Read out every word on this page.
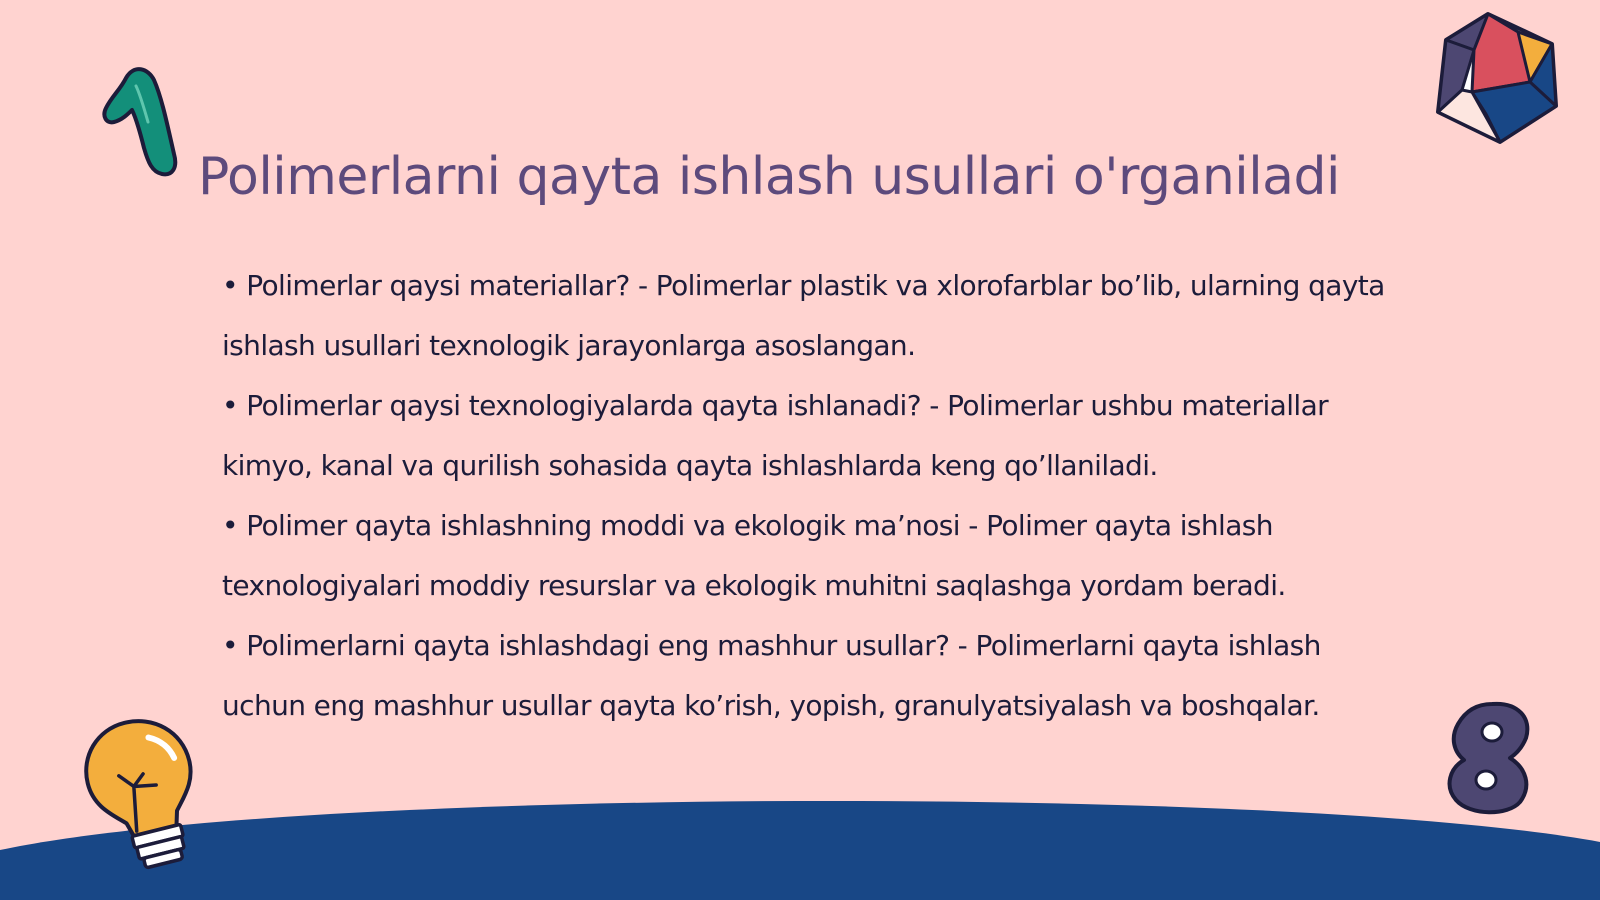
Polimerlarni qayta ishlash usullari o'rganiladi
• Polimerlar qaysi materiallar? - Polimerlar plastik va xlorofarblar bo’lib, ularning qayta ishlash usullari texnologik jarayonlarga asoslangan.
• Polimerlar qaysi texnologiyalarda qayta ishlanadi? - Polimerlar ushbu materiallar kimyo, kanal va qurilish sohasida qayta ishlashlarda keng qo’llaniladi.
• Polimer qayta ishlashning moddi va ekologik ma’nosi - Polimer qayta ishlash texnologiyalari moddiy resurslar va ekologik muhitni saqlashga yordam beradi.
• Polimerlarni qayta ishlashdagi eng mashhur usullar? - Polimerlarni qayta ishlash uchun eng mashhur usullar qayta ko’rish, yopish, granulyatsiyalash va boshqalar.
